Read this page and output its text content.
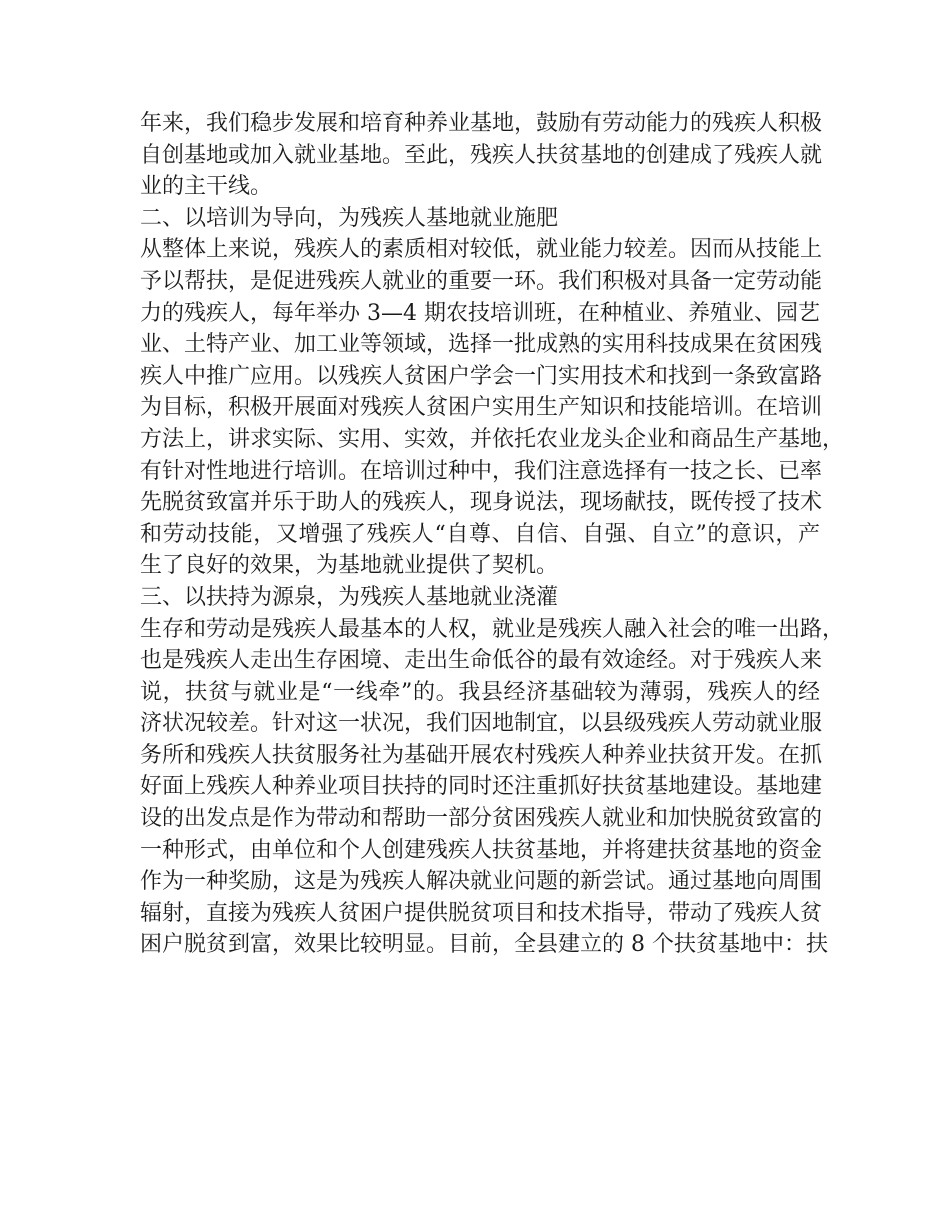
年来，我们稳步发展和培育种养业基地，鼓励有劳动能力的残疾人积极
自创基地或加入就业基地。至此，残疾人扶贫基地的创建成了残疾人就
业的主干线。
二、以培训为导向，为残疾人基地就业施肥
从整体上来说，残疾人的素质相对较低，就业能力较差。因而从技能上
予以帮扶，是促进残疾人就业的重要一环。我们积极对具备一定劳动能
力的残疾人，每年举办 3—4 期农技培训班，在种植业、养殖业、园艺
业、土特产业、加工业等领域，选择一批成熟的实用科技成果在贫困残
疾人中推广应用。以残疾人贫困户学会一门实用技术和找到一条致富路
为目标，积极开展面对残疾人贫困户实用生产知识和技能培训。在培训
方法上，讲求实际、实用、实效，并依托农业龙头企业和商品生产基地，
有针对性地进行培训。在培训过种中，我们注意选择有一技之长、已率
先脱贫致富并乐于助人的残疾人，现身说法，现场献技，既传授了技术
和劳动技能，又增强了残疾人“自尊、自信、自强、自立”的意识，产
生了良好的效果，为基地就业提供了契机。
三、以扶持为源泉，为残疾人基地就业浇灌
生存和劳动是残疾人最基本的人权，就业是残疾人融入社会的唯一出路，
也是残疾人走出生存困境、走出生命低谷的最有效途经。对于残疾人来
说，扶贫与就业是“一线牵”的。我县经济基础较为薄弱，残疾人的经
济状况较差。针对这一状况，我们因地制宜，以县级残疾人劳动就业服
务所和残疾人扶贫服务社为基础开展农村残疾人种养业扶贫开发。在抓
好面上残疾人种养业项目扶持的同时还注重抓好扶贫基地建设。基地建
设的出发点是作为带动和帮助一部分贫困残疾人就业和加快脱贫致富的
一种形式，由单位和个人创建残疾人扶贫基地，并将建扶贫基地的资金
作为一种奖励，这是为残疾人解决就业问题的新尝试。通过基地向周围
辐射，直接为残疾人贫困户提供脱贫项目和技术指导，带动了残疾人贫
困户脱贫到富，效果比较明显。目前，全县建立的 8 个扶贫基地中：扶
